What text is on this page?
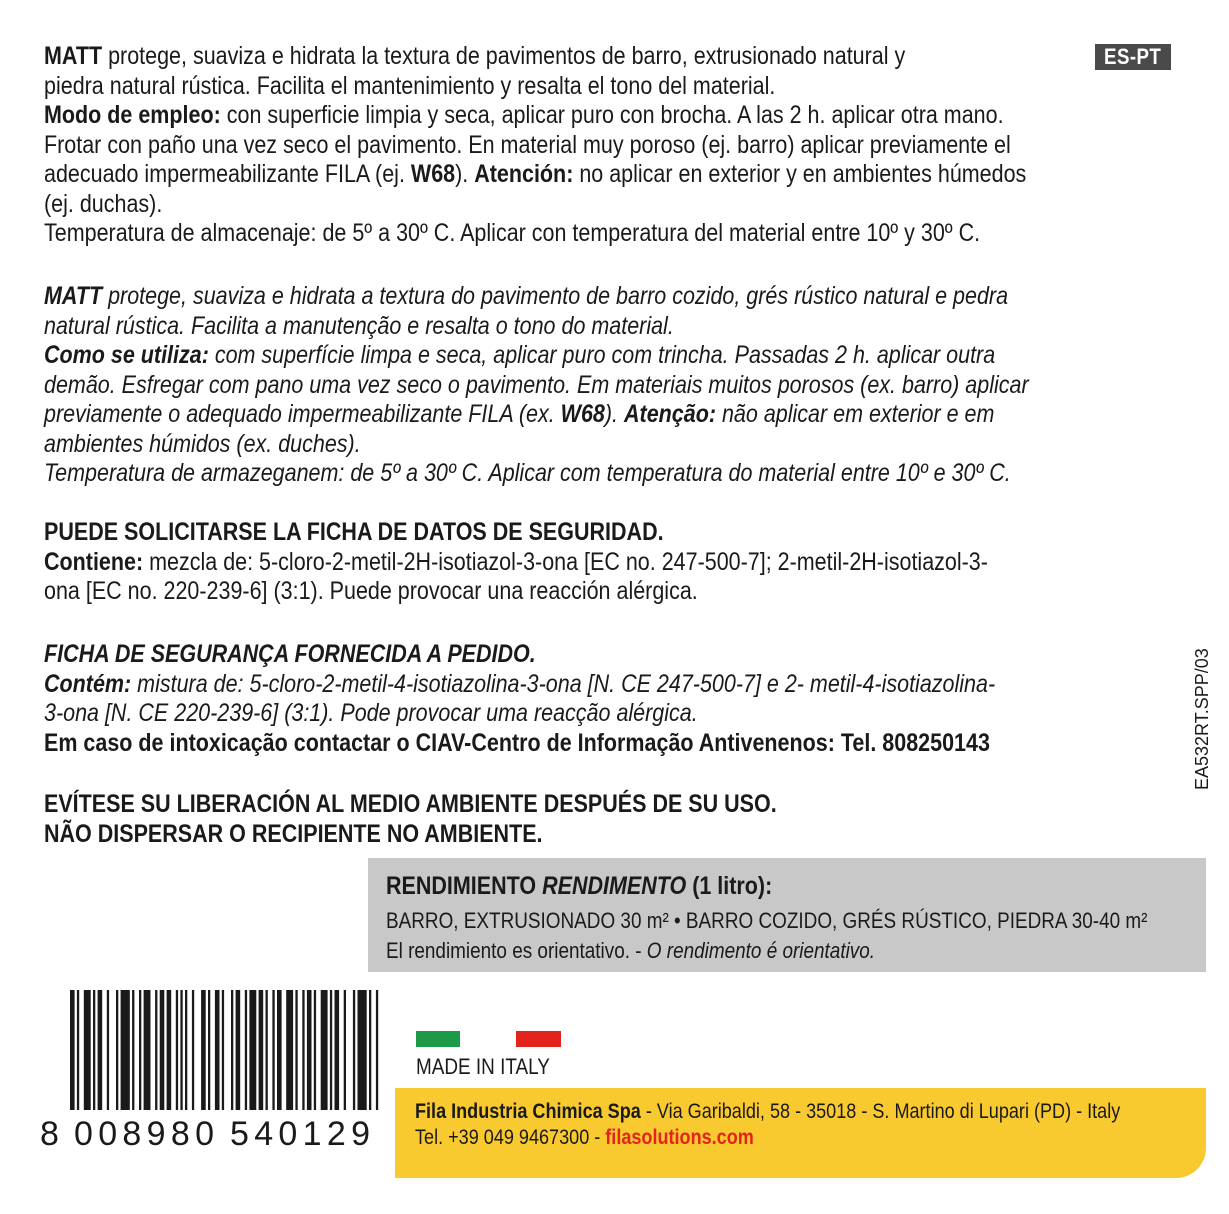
ES-PT
MATT protege, suaviza e hidrata la textura de pavimentos de barro, extrusionado natural y
piedra natural rústica. Facilita el mantenimiento y resalta el tono del material.
Modo de empleo: con superficie limpia y seca, aplicar puro con brocha. A las 2 h. aplicar otra mano.
Frotar con paño una vez seco el pavimento. En material muy poroso (ej. barro) aplicar previamente el
adecuado impermeabilizante FILA (ej. W68). Atención: no aplicar en exterior y en ambientes húmedos
(ej. duchas).
Temperatura de almacenaje: de 5º a 30º C. Aplicar con temperatura del material entre 10º y 30º C.
MATT protege, suaviza e hidrata a textura do pavimento de barro cozido, grés rústico natural e pedra
natural rústica. Facilita a manutenção e resalta o tono do material.
Como se utiliza: com superfície limpa e seca, aplicar puro com trincha. Passadas 2 h. aplicar outra
demão. Esfregar com pano uma vez seco o pavimento. Em materiais muitos porosos (ex. barro) aplicar
previamente o adequado impermeabilizante FILA (ex. W68). Atenção: não aplicar em exterior e em
ambientes húmidos (ex. duches).
Temperatura de armazeganem: de 5º a 30º C. Aplicar com temperatura do material entre 10º e 30º C.
PUEDE SOLICITARSE LA FICHA DE DATOS DE SEGURIDAD.
Contiene: mezcla de: 5-cloro-2-metil-2H-isotiazol-3-ona [EC no. 247-500-7]; 2-metil-2H-isotiazol-3-
ona [EC no. 220-239-6] (3:1). Puede provocar una reacción alérgica.
FICHA DE SEGURANÇA FORNECIDA A PEDIDO.
Contém: mistura de: 5-cloro-2-metil-4-isotiazolina-3-ona [N. CE 247-500-7] e 2- metil-4-isotiazolina-
3-ona [N. CE 220-239-6] (3:1). Pode provocar uma reacção alérgica.
Em caso de intoxicação contactar o CIAV-Centro de Informação Antivenenos: Tel. 808250143
EVÍTESE SU LIBERACIÓN AL MEDIO AMBIENTE DESPUÉS DE SU USO.
NÃO DISPERSAR O RECIPIENTE NO AMBIENTE.
EA532RT.SPP/03
RENDIMIENTO RENDIMENTO (1 litro):
BARRO, EXTRUSIONADO 30 m² • BARRO COZIDO, GRÉS RÚSTICO, PIEDRA 30-40 m²
El rendimiento es orientativo. - O rendimento é orientativo.
8 008980 540129
MADE IN ITALY
Fila Industria Chimica Spa - Via Garibaldi, 58 - 35018 - S. Martino di Lupari (PD) - Italy
Tel. +39 049 9467300 - filasolutions.com
